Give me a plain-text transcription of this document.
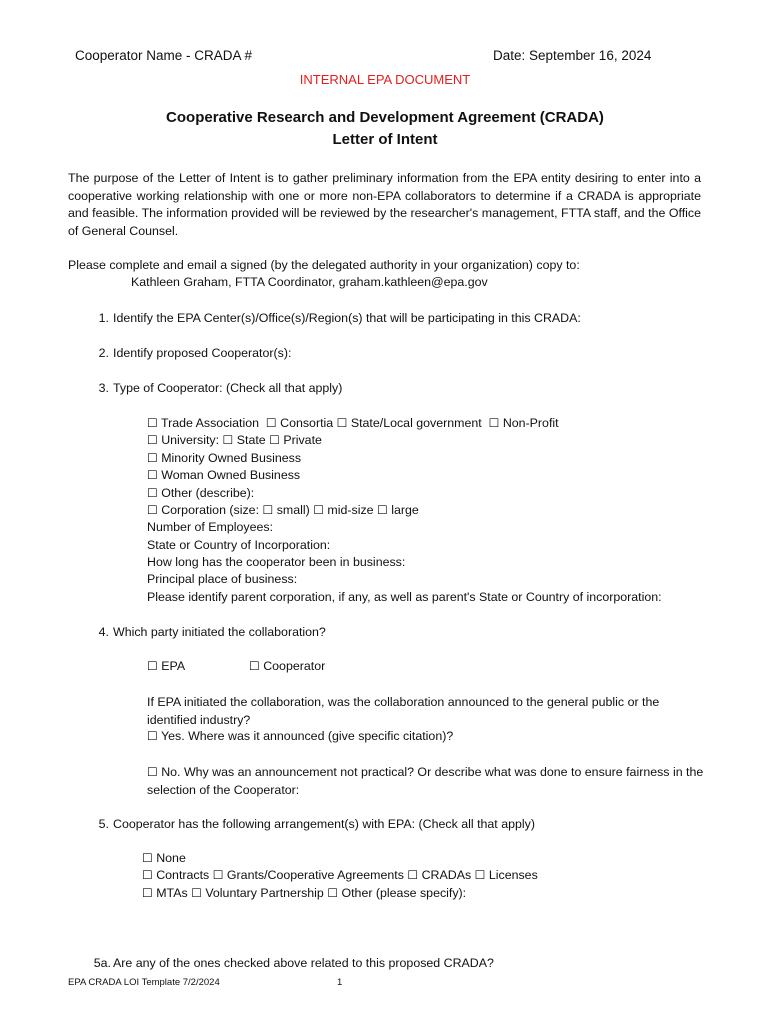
Cooperator Name - CRADA #	Date: September 16, 2024
INTERNAL EPA DOCUMENT
Cooperative Research and Development Agreement (CRADA)
Letter of Intent
The purpose of the Letter of Intent is to gather preliminary information from the EPA entity desiring to enter into a cooperative working relationship with one or more non-EPA collaborators to determine if a CRADA is appropriate and feasible. The information provided will be reviewed by the researcher's management, FTTA staff, and the Office of General Counsel.
Please complete and email a signed (by the delegated authority in your organization) copy to:
Kathleen Graham, FTTA Coordinator, graham.kathleen@epa.gov
1. Identify the EPA Center(s)/Office(s)/Region(s) that will be participating in this CRADA:
2. Identify proposed Cooperator(s):
3. Type of Cooperator: (Check all that apply)
☐ Trade Association ☐ Consortia ☐ State/Local government ☐ Non-Profit
☐ University: ☐ State ☐ Private
☐ Minority Owned Business
☐ Woman Owned Business
☐ Other (describe):
☐ Corporation (size: ☐ small) ☐ mid-size ☐ large
Number of Employees:
State or Country of Incorporation:
How long has the cooperator been in business:
Principal place of business:
Please identify parent corporation, if any, as well as parent's State or Country of incorporation:
4. Which party initiated the collaboration?
☐ EPA	☐ Cooperator
If EPA initiated the collaboration, was the collaboration announced to the general public or the identified industry?
☐ Yes. Where was it announced (give specific citation)?
☐ No. Why was an announcement not practical? Or describe what was done to ensure fairness in the selection of the Cooperator:
5. Cooperator has the following arrangement(s) with EPA: (Check all that apply)
☐ None
☐ Contracts ☐ Grants/Cooperative Agreements ☐ CRADAs ☐ Licenses
☐ MTAs ☐ Voluntary Partnership ☐ Other (please specify):
5a. Are any of the ones checked above related to this proposed CRADA?
EPA CRADA LOI Template 7/2/2024	1
